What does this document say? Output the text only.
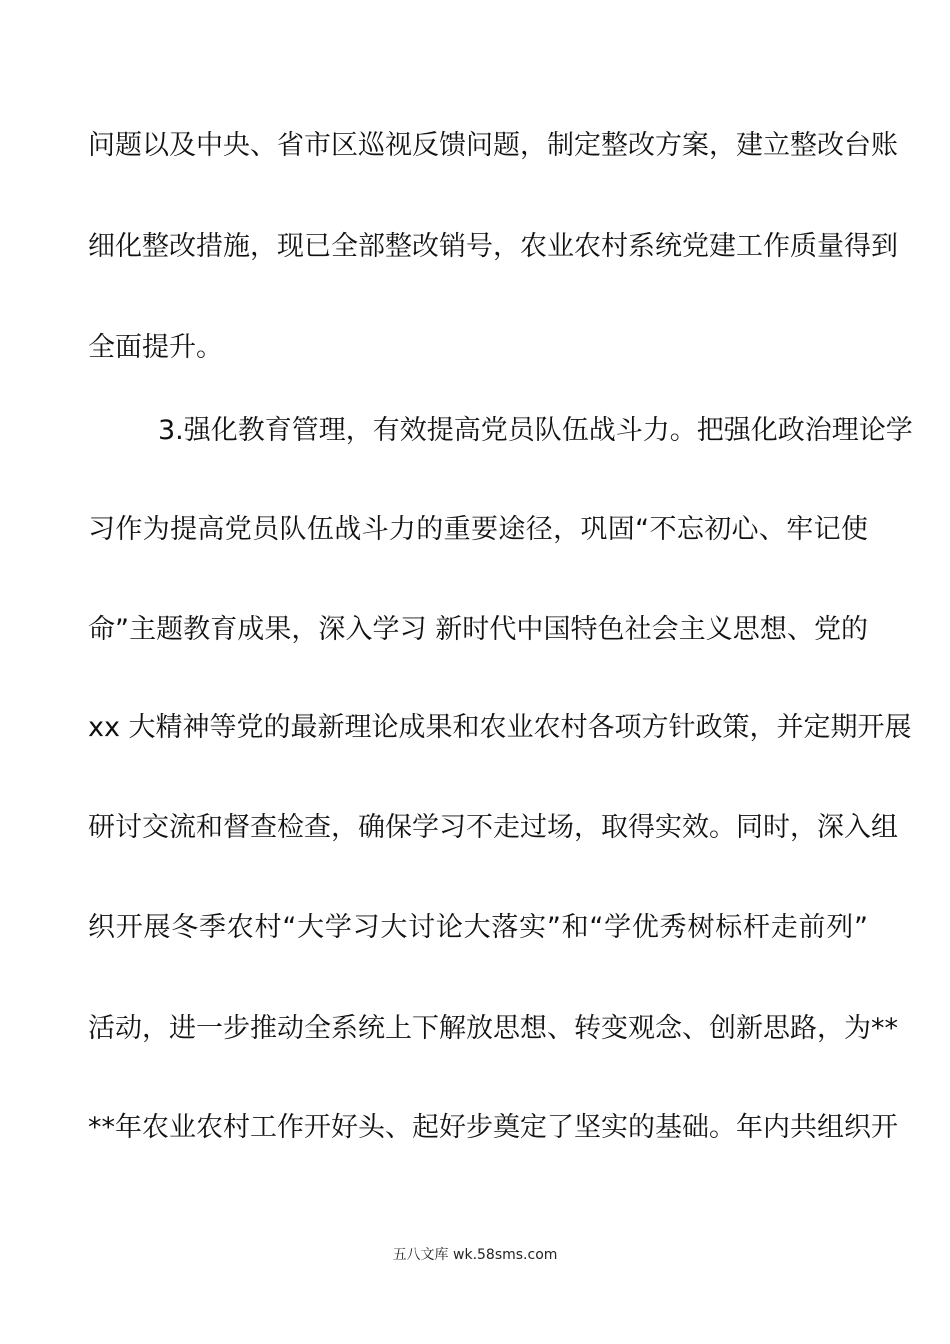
问题以及中央、省市区巡视反馈问题，制定整改方案，建立整改台账
细化整改措施，现已全部整改销号，农业农村系统党建工作质量得到
全面提升。
3.强化教育管理，有效提高党员队伍战斗力。把强化政治理论学
习作为提高党员队伍战斗力的重要途径，巩固“不忘初心、牢记使
命”主题教育成果，深入学习 新时代中国特色社会主义思想、党的
xx 大精神等党的最新理论成果和农业农村各项方针政策，并定期开展
研讨交流和督查检查，确保学习不走过场，取得实效。同时，深入组
织开展冬季农村“大学习大讨论大落实”和“学优秀树标杆走前列”
活动，进一步推动全系统上下解放思想、转变观念、创新思路，为**
**年农业农村工作开好头、起好步奠定了坚实的基础。年内共组织开
五八文库 wk.58sms.com
